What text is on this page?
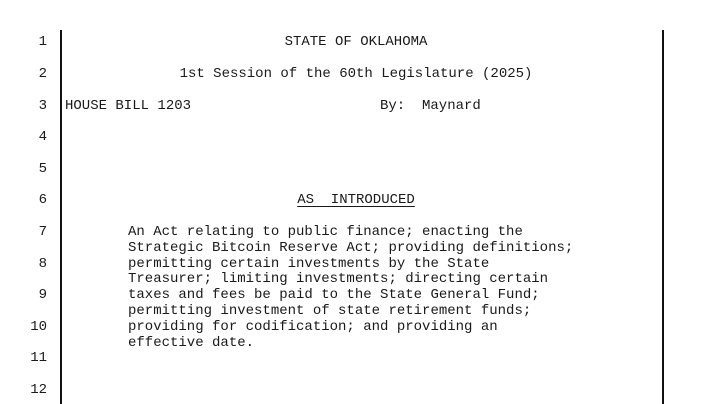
1
2
3
4
5
6
7
8
9
10
11
12
STATE OF OKLAHOMA
1st Session of the 60th Legislature (2025)
HOUSE BILL 1203	By:  Maynard
AS  INTRODUCED
An Act relating to public finance; enacting the
Strategic Bitcoin Reserve Act; providing definitions;
permitting certain investments by the State
Treasurer; limiting investments; directing certain
taxes and fees be paid to the State General Fund;
permitting investment of state retirement funds;
providing for codification; and providing an
effective date.
